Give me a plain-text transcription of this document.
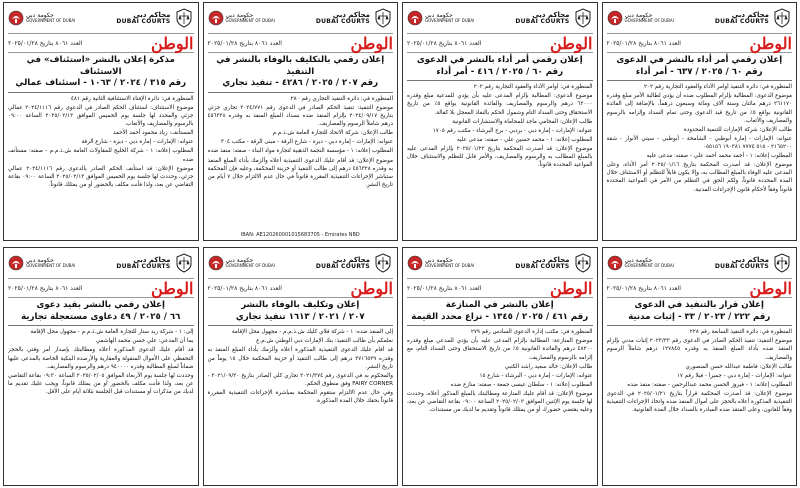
محاكم دبي
DUBAI COURTS
حكومة دبي
GOVERNMENT OF DUBAI
العدد ٨٠٦١ بتاريخ ٢٠٢٥/٠١/٢٨	الوطن
إعلان رقمي أمر أداء بالنشر في الدعوى
رقم ٦٠ / ٢٠٢٥ / ٦٣٧ - أمر أداء

المنظورة في: دائرة التنفيذ أوامر الأداء والعقود التجارية رقم ٢٠٢

موضوع الدعوى: المطالبة بإلزام المطلوب ضده أن يؤدي لطالبة الأمر مبلغ وقدره ٢٦١١٧٠ درهم مائتان وستة آلاف ومائة وسبعون درهماً، بالإضافة إلى الفائدة القانونية بواقع ٥٪ من تاريخ قيد الدعوى وحتى تمام السداد وإلزامه بالرسوم والمصاريف والأتعاب.

طالب الإعلان: شركة الإمارات للتنمية المحدودة

عنوانه: الإمارات - إمارة أبوظبي - الشامخة - أبوظبي - سيتي الأنوار - شقة ٢١٦٥٢٠٠ - ٥١٥ ٧٧٧٤ ١٩٠٣٨١ ٠٥٥١٥٦

المطلوب إعلانه: ١ - أحمد محمد أحمد علي - صفته: مدعى عليه

موضوع الإعلان: قد أصدرت المحكمة بتاريخ ٢٠٢٥/٠١/١٦ أمر الأداء، وعلى المدعى عليه الوفاء بالمبلغ المطالب به، وإلا يكون قابلاً للتظلم أو الاستئناف خلال المدة المحددة قانوناً، ولكم الحق في التظلم من الأمر في المواعيد المحددة قانوناً وفقاً لأحكام قانون الإجراءات المدنية.

محاكم دبي
DUBAI COURTS
حكومة دبي
GOVERNMENT OF DUBAI
العدد ٨٠٦١ بتاريخ ٢٠٢٥/٠١/٢٨	الوطن
إعلان رقمي أمر أداء بالنشر في الدعوى
رقم ٦٠ / ٢٠٢٥ / ٤١٦ - أمر أداء

المنظورة في: أوامر الأداء والعقود التجارية رقم ٢٠٢

موضوع الدعوى: المطالبة بإلزام المدعى عليه بأن يؤدي للمدعية مبلغ وقدره ٦٢٠٠٠ درهم والرسوم والمصاريف والفائدة القانونية بواقع ٥٪ من تاريخ الاستحقاق وحتى السداد التام وشمول الحكم بالنفاذ المعجل بلا كفالة.

طالب الإعلان: المحامي ماجد للمحاماة والاستشارات القانونية

عنوانه: الإمارات - إمارة دبي - بردبي - برج البرشاء - مكتب رقم ١٧٠٥

المطلوب إعلانه: ١ - محمد حسين علي - صفته: مدعى عليه

موضوع الإعلان: قد أصدرت المحكمة بتاريخ ٢٠٢٥/٠١/٢٢ بإلزام المدعى عليه بالمبلغ المطالب به والرسوم والمصاريف، والأمر قابل للتظلم والاستئناف خلال المواعيد المحددة قانوناً.

محاكم دبي
DUBAI COURTS
حكومة دبي
GOVERNMENT OF DUBAI
العدد ٨٠٦١ بتاريخ ٢٠٢٥/٠١/٢٨	الوطن
إعلان رقمي بالتكليف بالوفاء بالنشر في التنفيذ
رقم ٢٠٧ / ٢٠٢٥ / ٤٢٨٦ - تنفيذ تجاري

المنظورة في: دائرة التنفيذ التجاري رقم ٢٨٠

موضوع التنفيذ: تنفيذ الحكم الصادر في الدعوى رقم ٢٠٢٤/٧٧١ تجاري جزئي بتاريخ ٢٠٢٤/٠٩/١٧ بإلزام المنفذ ضده بسداد المبلغ المنفذ به وقدره ٤٥٦٣٢٨ درهم شاملاً الرسوم والمصاريف.

طالب الإعلان: شركة الاتحاد للتجارة العامة ش.ذ.م.م

عنوانه: الإمارات - إمارة دبي - ديرة - شارع الرقة - مبنى الرقة - مكتب ٣٠٤

المطلوب إعلانه: ١ - مؤسسة النجمة الذهبية لتجارة مواد البناء - صفته: منفذ ضده

موضوع الإعلان: قد أقام عليك الدعوى التنفيذية أعلاه وألزمك بأداء المبلغ المنفذ به وقدره ٤٥٦٣٢٨ درهم إلى طالب التنفيذ أو خزينة المحكمة، وعليه فإن المحكمة ستباشر الإجراءات التنفيذية المقررة قانوناً في حال عدم الالتزام خلال ٧ أيام من تاريخ النشر.

IBAN: AE120260001015683705 - Emirates NBD
محاكم دبي
DUBAI COURTS
حكومة دبي
GOVERNMENT OF DUBAI
العدد ٨٠٦١ بتاريخ ٢٠٢٥/٠١/٢٨	الوطن
مذكرة إعلان بالنشر «استئناف» في الاستئناف
رقم ٣١٥ / ٢٠٢٤ / ١٠٦٣ - استئناف عمالي

المنظورة في: دائرة الإفتاء الاستئنافية الثانية رقم ٤٨١

موضوع الاستئناف: استئناف الحكم الصادر في الدعوى رقم ٢٠٢٤/١١١٦ عمالي جزئي والمحدد لها جلسة يوم الخميس الموافق ٢٠٢٥/٠٢/١٣ الساعة ٠٩:٠٠ بالرسوم والمصاريف والأتعاب.

المستأنف: زياد محمود أحمد الأحمد

عنوانه: الإمارات - إمارة دبي - ديرة - شارع الرقة

المطلوب إعلانه: ١ - شركة الخليج للمقاولات العامة ش.ذ.م.م - صفته: مستأنف ضده

موضوع الإعلان: قد استأنف الحكم الصادر بالدعوى رقم ٢٠٢٤/١١١٦ عمالي جزئي، وحددت لها جلسة يوم الخميس الموافق ٢٠٢٥/٠٢/١٣ الساعة ٠٩:٠٠ بقاعة التقاضي عن بعد، ولذا فأنت مكلف بالحضور أو من يمثلك قانوناً.

محاكم دبي
DUBAI COURTS
حكومة دبي
GOVERNMENT OF DUBAI
العدد ٨٠٦١ بتاريخ ٢٠٢٥/٠١/٢٨	الوطن
إعلان قرار بالتنفيذ في الدعوى
رقم ٢٢٢ / ٢٠٢٣ / ٣٣ - إثبات مدنية

المنظورة في: دائرة التنفيذ السابعة رقم ٢٢٨

موضوع التنفيذ: تنفيذ الحكم الصادر في الدعوى رقم ٢٠٢٣/٣٣ إثبات مدني بإلزام المنفذ ضده بأداء المبلغ المنفذ به وقدره ١٢٧٨٤٥ درهم شاملاً الرسوم والمصاريف.

طالب الإعلان: فاطمة عبدالله حسن المنصوري

عنوانه: الإمارات - إمارة دبي - جميرا - فيلا رقم ١٧

المطلوب إعلانه: ١ - فيروز الحسن محمد عبدالرحمن - صفته: منفذ ضده

موضوع الإعلان: قد أصدرت المحكمة قراراً بتاريخ ٢٠٢٥/٠١/٢١ في الدعوى التنفيذية المذكورة أعلاه بالحجز على أموال المنفذ ضده واتخاذ الإجراءات التنفيذية وفقاً للقانون، وعلى المنفذ ضده المبادرة بالسداد خلال المدة القانونية.

محاكم دبي
DUBAI COURTS
حكومة دبي
GOVERNMENT OF DUBAI
العدد ٨٠٦١ بتاريخ ٢٠٢٥/٠١/٢٨	الوطن
إعلان بالنشر في المنازعة
رقم ٤٦١ / ٢٠٢٥ / ١٣٤٥ - نزاع محدد القيمة

المنظورة في: مكتب إدارة الدعوى السادس رقم ٢٧٩

موضوع المنازعة: المطالبة بإلزام المدعى عليه بأن يؤدي للمدعي مبلغ وقدره ٤٨٢٠٠ درهم والفائدة القانونية ٥٪ من تاريخ الاستحقاق وحتى السداد التام، مع إلزامه بالرسوم والمصاريف.

طالب الإعلان: خالد سعيد راشد الكتبي

عنوانه: الإمارات - إمارة دبي - البرشاء - شارع ١٥

المطلوب إعلانه: ١ - سلطان عيسى جمعة - صفته: منازع ضده

موضوع الإعلان: قد أقام عليك المنازعة ومطالبتك بالمبلغ المذكور أعلاه، وحددت لها جلسة يوم الإثنين الموافق ٢٠٢٥/٠٢/٠٣ الساعة ٠٩:٠٠ بقاعة التقاضي عن بعد، وعليه يقتضي حضورك أو من يمثلك قانوناً وتقديم ما لديك من مستندات.

محاكم دبي
DUBAI COURTS
حكومة دبي
GOVERNMENT OF DUBAI
العدد ٨٠٦١ بتاريخ ٢٠٢٥/٠١/٢٨	الوطن
إعلان وتكليف بالوفاء بالنشر
٢٠٧ / ٢٠٢١ / ١٦١٣ تنفيذ تجاري

إلى المنفذ ضده: ١ - شركة فلاي كليك ش.ذ.م.م - مجهول محل الإقامة

نعلمكم بأن طالب التنفيذ: بنك الإمارات دبي الوطني ش.م.ع

قد أقام عليك الدعوى التنفيذية المذكورة أعلاه وألزمك بأداء المبلغ المنفذ به وقدره ٢٧١٦٥٣٩ درهم إلى طالب التنفيذ أو خزينة المحكمة خلال ١٥ يوماً من تاريخ النشر.

والمحكوم به في الدعوى رقم ٢٠٢١/٣٧٤ تجاري كلي الصادر بتاريخ ٢٠٢١/٠٩/٢٠ - FAIRY CORNER وفق منطوق الحكم.

وفي حال عدم الالتزام ستقوم المحكمة بمباشرة الإجراءات التنفيذية المقررة قانوناً بحقك خلال المدة المذكورة.

محاكم دبي
DUBAI COURTS
حكومة دبي
GOVERNMENT OF DUBAI
العدد ٨٠٦١ بتاريخ ٢٠٢٥/٠١/٢٨	الوطن
إعلان رقمي بالنشر بقيد دعوى
٦٦ / ٢٠٢٥ / ٤٩ دعاوى مستعجلة تجارية

إلى: ١ - شركة ريد ستار للتجارة العامة ش.ذ.م.م - مجهول محل الإقامة

بما أن المدعي: علي حسن محمد الهاشمي

قد أقام عليك الدعوى المذكورة أعلاه ومطالبتك بإصدار أمر وقتي بالحجز التحفظي على الأموال المنقولة والعقارية والأرصدة البنكية الخاصة بالمدعى عليها ضماناً لمبلغ المطالبة وقدره ٩٤٠٠٠٠ درهم والرسوم والمصاريف.

وحددت لها جلسة يوم الأربعاء الموافق ٢٠٢٥/٠٢/٠٥ الساعة ٠٩:٣٠ بقاعة التقاضي عن بعد، ولذا فأنت مكلف بالحضور أو من يمثلك قانوناً، ويجب عليك تقديم ما لديك من مذكرات أو مستندات قبل الجلسة بثلاثة أيام على الأقل.
